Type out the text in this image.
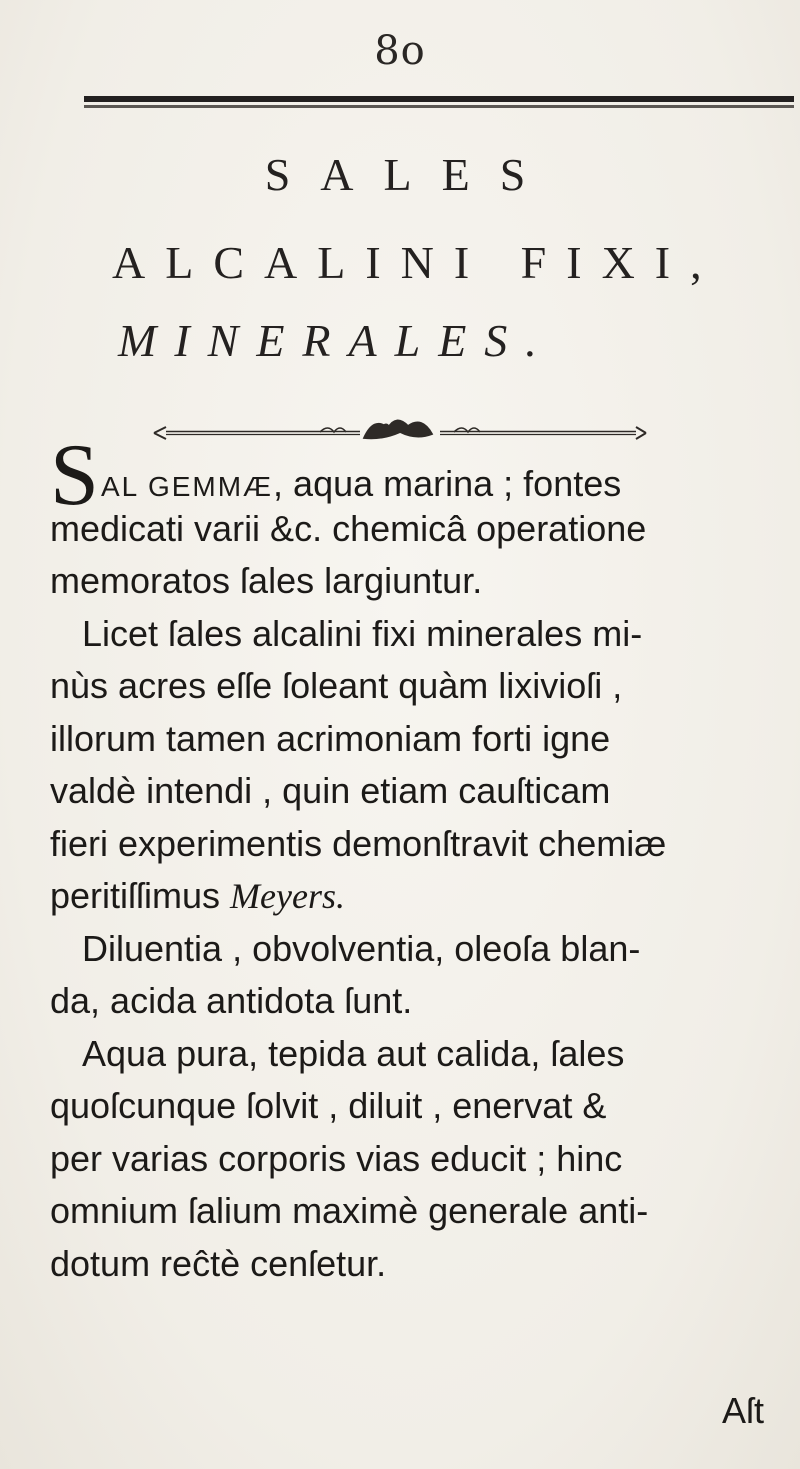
8o
SALES
ALCALINI FIXI,
MINERALES.
SAL GEMMÆ, aqua marina ; fontes
medicati varii &c. chemicâ operatione
memoratos ſales largiuntur.
Licet ſales alcalini fixi minerales mi-
nùs acres eſſe ſoleant quàm lixivioſi ,
illorum tamen acrimoniam forti igne
valdè intendi , quin etiam cauſticam
fieri experimentis demonſtravit chemiæ
peritiſſimus Meyers.
Diluentia , obvolventia, oleoſa blan-
da, acida antidota ſunt.
Aqua pura, tepida aut calida, ſales
quoſcunque ſolvit , diluit , enervat &
per varias corporis vias educit ; hinc
omnium ſalium maximè generale anti-
dotum reĉtè cenſetur.
Aſt
